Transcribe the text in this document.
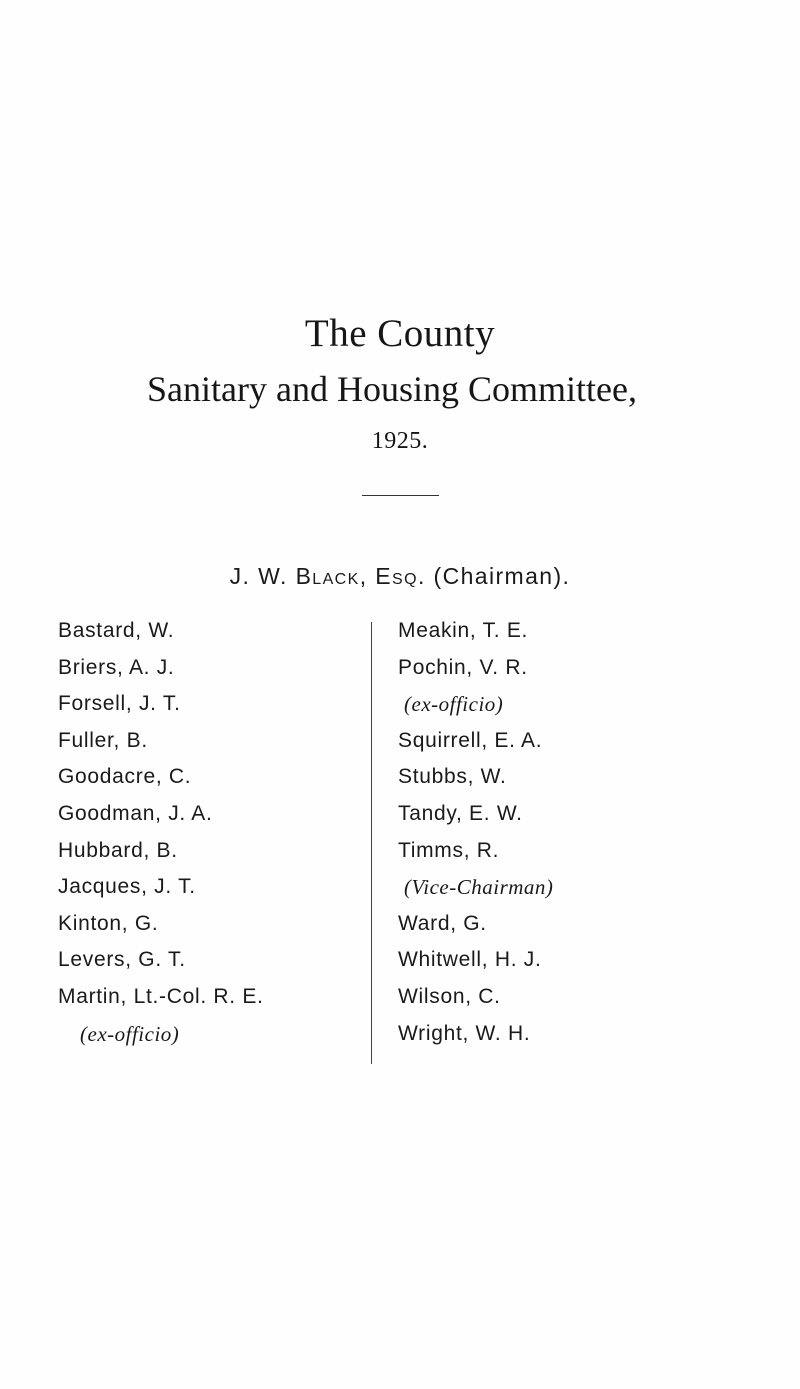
The County
Sanitary and Housing Committee,
1925.
J. W. Black, Esq. (Chairman).
Bastard, W.
Briers, A. J.
Forsell, J. T.
Fuller, B.
Goodacre, C.
Goodman, J. A.
Hubbard, B.
Jacques, J. T.
Kinton, G.
Levers, G. T.
Martin, Lt.-Col. R. E.
(ex-officio)
Meakin, T. E.
Pochin, V. R.
(ex-officio)
Squirrell, E. A.
Stubbs, W.
Tandy, E. W.
Timms, R.
(Vice-Chairman)
Ward, G.
Whitwell, H. J.
Wilson, C.
Wright, W. H.
